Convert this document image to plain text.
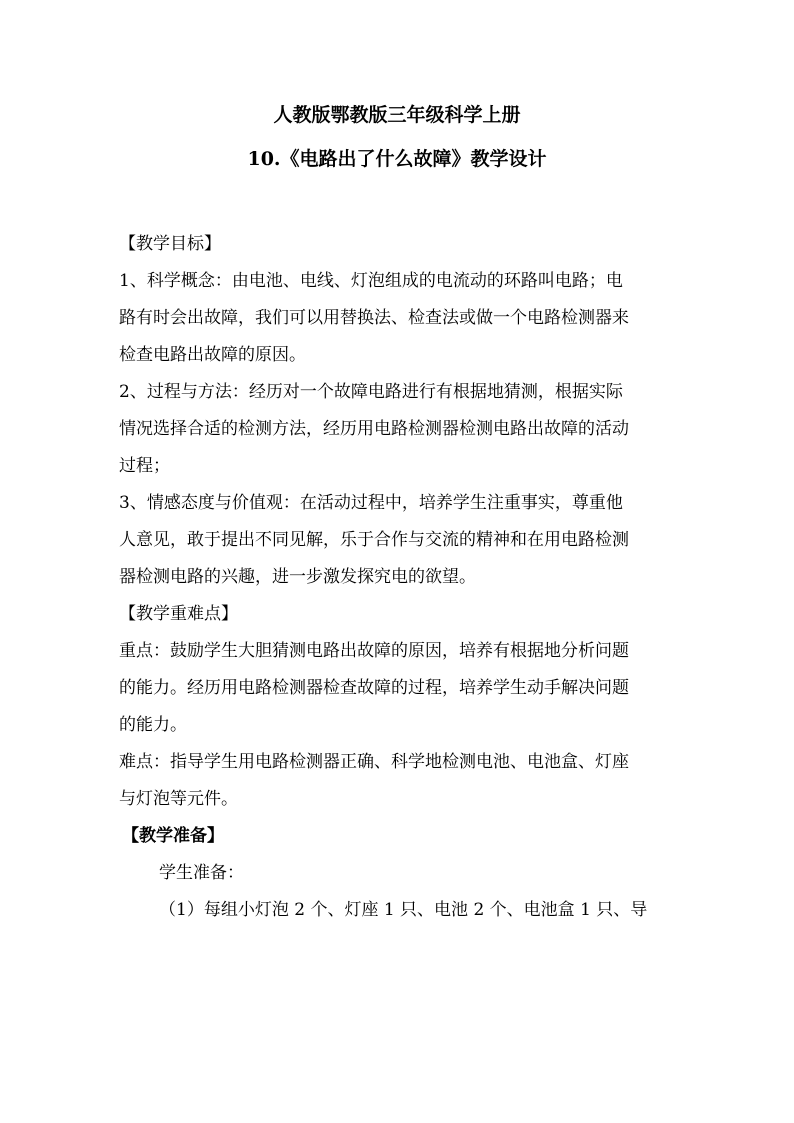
人教版鄂教版三年级科学上册
10.《电路出了什么故障》教学设计

【教学目标】

1、科学概念：由电池、电线、灯泡组成的电流动的环路叫电路；电
路有时会出故障，我们可以用替换法、检查法或做一个电路检测器来
检查电路出故障的原因。

2、过程与方法：经历对一个故障电路进行有根据地猜测，根据实际
情况选择合适的检测方法，经历用电路检测器检测电路出故障的活动
过程；

3、情感态度与价值观：在活动过程中，培养学生注重事实，尊重他
人意见，敢于提出不同见解，乐于合作与交流的精神和在用电路检测
器检测电路的兴趣，进一步激发探究电的欲望。

【教学重难点】

重点：鼓励学生大胆猜测电路出故障的原因，培养有根据地分析问题
的能力。经历用电路检测器检查故障的过程，培养学生动手解决问题
的能力。

难点：指导学生用电路检测器正确、科学地检测电池、电池盒、灯座
与灯泡等元件。

【教学准备】

学生准备：

（1）每组小灯泡 2 个、灯座 1 只、电池 2 个、电池盒 1 只、导
